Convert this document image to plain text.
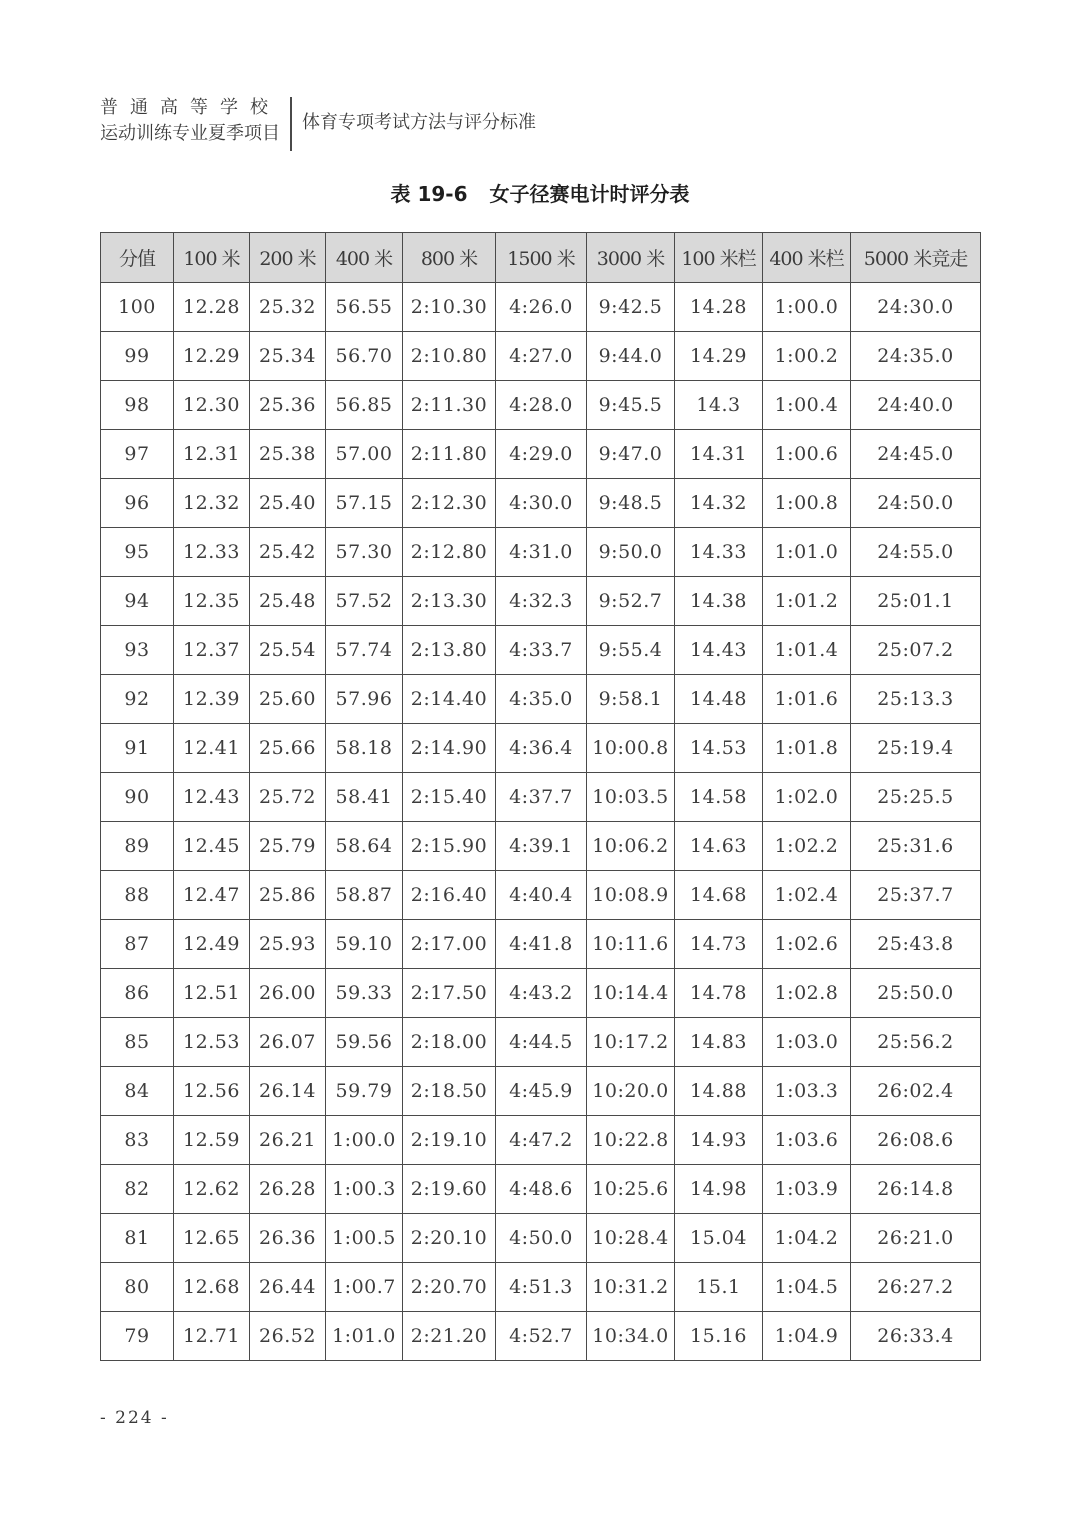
普通高等学校
运动训练专业夏季项目
体育专项考试方法与评分标准
表 19-6 女子径赛电计时评分表
分值	100 米	200 米	400 米	800 米	1500 米	3000 米	100 米栏	400 米栏	5000 米竞走
100	12.28	25.32	56.55	2:10.30	4:26.0	9:42.5	14.28	1:00.0	24:30.0
99	12.29	25.34	56.70	2:10.80	4:27.0	9:44.0	14.29	1:00.2	24:35.0
98	12.30	25.36	56.85	2:11.30	4:28.0	9:45.5	14.3	1:00.4	24:40.0
97	12.31	25.38	57.00	2:11.80	4:29.0	9:47.0	14.31	1:00.6	24:45.0
96	12.32	25.40	57.15	2:12.30	4:30.0	9:48.5	14.32	1:00.8	24:50.0
95	12.33	25.42	57.30	2:12.80	4:31.0	9:50.0	14.33	1:01.0	24:55.0
94	12.35	25.48	57.52	2:13.30	4:32.3	9:52.7	14.38	1:01.2	25:01.1
93	12.37	25.54	57.74	2:13.80	4:33.7	9:55.4	14.43	1:01.4	25:07.2
92	12.39	25.60	57.96	2:14.40	4:35.0	9:58.1	14.48	1:01.6	25:13.3
91	12.41	25.66	58.18	2:14.90	4:36.4	10:00.8	14.53	1:01.8	25:19.4
90	12.43	25.72	58.41	2:15.40	4:37.7	10:03.5	14.58	1:02.0	25:25.5
89	12.45	25.79	58.64	2:15.90	4:39.1	10:06.2	14.63	1:02.2	25:31.6
88	12.47	25.86	58.87	2:16.40	4:40.4	10:08.9	14.68	1:02.4	25:37.7
87	12.49	25.93	59.10	2:17.00	4:41.8	10:11.6	14.73	1:02.6	25:43.8
86	12.51	26.00	59.33	2:17.50	4:43.2	10:14.4	14.78	1:02.8	25:50.0
85	12.53	26.07	59.56	2:18.00	4:44.5	10:17.2	14.83	1:03.0	25:56.2
84	12.56	26.14	59.79	2:18.50	4:45.9	10:20.0	14.88	1:03.3	26:02.4
83	12.59	26.21	1:00.0	2:19.10	4:47.2	10:22.8	14.93	1:03.6	26:08.6
82	12.62	26.28	1:00.3	2:19.60	4:48.6	10:25.6	14.98	1:03.9	26:14.8
81	12.65	26.36	1:00.5	2:20.10	4:50.0	10:28.4	15.04	1:04.2	26:21.0
80	12.68	26.44	1:00.7	2:20.70	4:51.3	10:31.2	15.1	1:04.5	26:27.2
79	12.71	26.52	1:01.0	2:21.20	4:52.7	10:34.0	15.16	1:04.9	26:33.4
- 224 -
